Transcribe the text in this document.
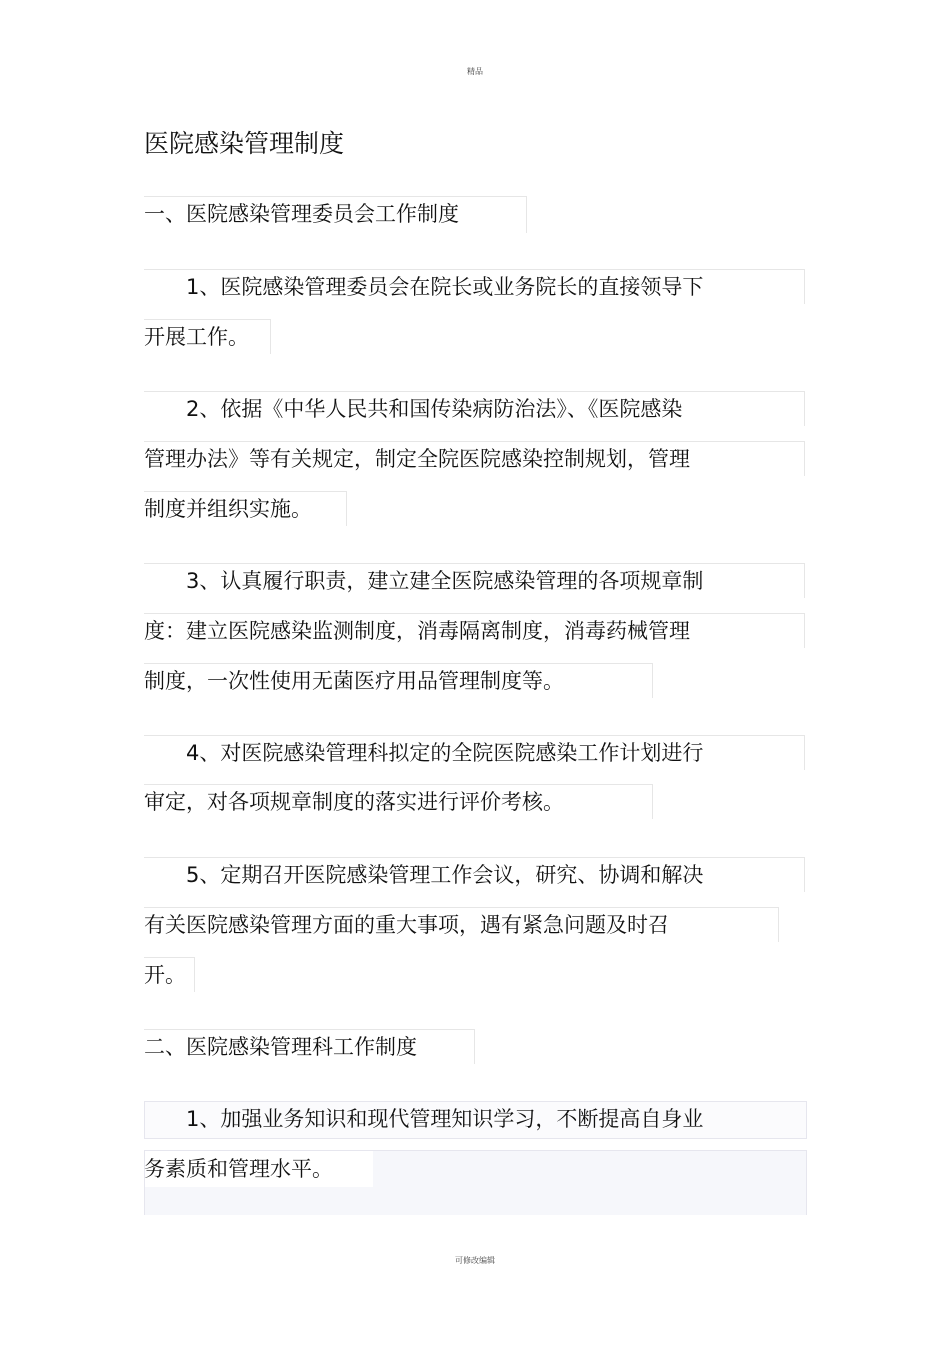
精品
医院感染管理制度
一、医院感染管理委员会工作制度
1、医院感染管理委员会在院长或业务院长的直接领导下
开展工作。
2、依据《中华人民共和国传染病防治法》、《医院感染
管理办法》等有关规定，制定全院医院感染控制规划，管理
制度并组织实施。
3、认真履行职责，建立建全医院感染管理的各项规章制
度：建立医院感染监测制度，消毒隔离制度，消毒药械管理
制度，一次性使用无菌医疗用品管理制度等。
4、对医院感染管理科拟定的全院医院感染工作计划进行
审定，对各项规章制度的落实进行评价考核。
5、定期召开医院感染管理工作会议，研究、协调和解决
有关医院感染管理方面的重大事项，遇有紧急问题及时召
开。
二、医院感染管理科工作制度
1、加强业务知识和现代管理知识学习，不断提高自身业
务素质和管理水平。
可修改编辑
